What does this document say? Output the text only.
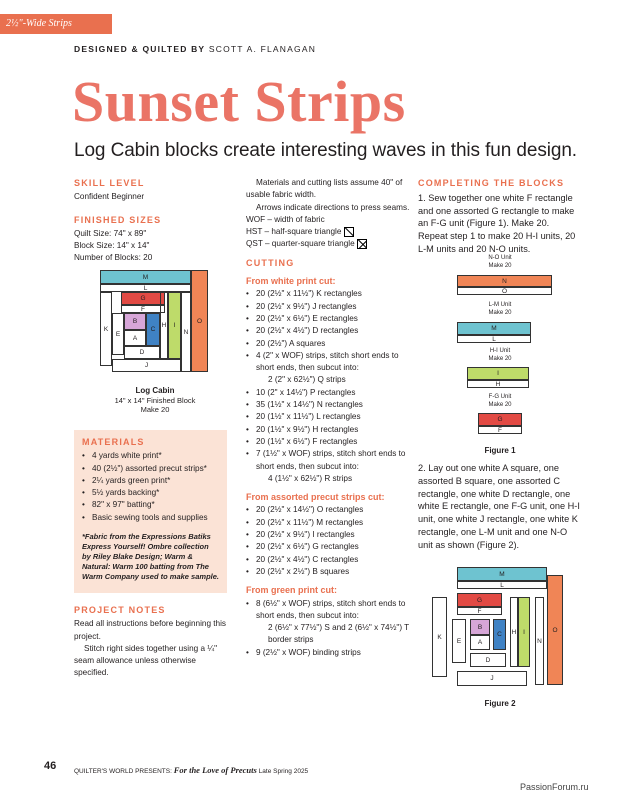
2½"-Wide Strips
DESIGNED & QUILTED BY SCOTT A. FLANAGAN
Sunset Strips
Log Cabin blocks create interesting waves in this fun design.
SKILL LEVEL
Confident Beginner
FINISHED SIZES
Quilt Size: 74" x 89"
Block Size: 14" x 14"
Number of Blocks: 20
M
L
K
G
F
E
B
C
A
D
H	I
J
N
O
Log Cabin
14" x 14" Finished Block
Make 20
MATERIALS
• 4 yards white print*
• 40 (2½") assorted precut strips*
• 2¼ yards green print*
• 5½ yards backing*
• 82" x 97" batting*
• Basic sewing tools and supplies
*Fabric from the Expressions Batiks Express Yourself! Ombre collection by Riley Blake Design; Warm & Natural: Warm 100 batting from The Warm Company used to make sample.
PROJECT NOTES
Read all instructions before beginning this project.
Stitch right sides together using a ¼" seam allowance unless otherwise specified.
Materials and cutting lists assume 40" of usable fabric width.
Arrows indicate directions to press seams.
WOF – width of fabric
HST – half-square triangle
QST – quarter-square triangle
CUTTING
From white print cut:
• 20 (2½" x 11½") K rectangles
• 20 (2½" x 9½") J rectangles
• 20 (2½" x 6½") E rectangles
• 20 (2½" x 4½") D rectangles
• 20 (2½") A squares
• 4 (2" x WOF) strips, stitch short ends to short ends, then subcut into:
2 (2" x 62½") Q strips
• 10 (2" x 14½") P rectangles
• 35 (1½" x 14½") N rectangles
• 20 (1½" x 11½") L rectangles
• 20 (1½" x 9½") H rectangles
• 20 (1½" x 6½") F rectangles
• 7 (1½" x WOF) strips, stitch short ends to short ends, then subcut into:
4 (1½" x 62½") R strips
From assorted precut strips cut:
• 20 (2½" x 14½") O rectangles
• 20 (2½" x 11½") M rectangles
• 20 (2½" x 9½") I rectangles
• 20 (2½" x 6½") G rectangles
• 20 (2½" x 4½") C rectangles
• 20 (2½" x 2½") B squares
From green print cut:
• 8 (6½" x WOF) strips, stitch short ends to short ends, then subcut into:
2 (6½" x 77½") S and 2 (6½" x 74½") T border strips
• 9 (2½" x WOF) binding strips
COMPLETING THE BLOCKS
1. Sew together one white F rectangle and one assorted G rectangle to make an F-G unit (Figure 1). Make 20. Repeat step 1 to make 20 H-I units, 20 L-M units and 20 N-O units.
N-O Unit
Make 20
N
O
L-M Unit
Make 20
M
L
H-I Unit
Make 20
I
H
F-G Unit
Make 20
G
F
Figure 1
2. Lay out one white A square, one assorted B square, one assorted C rectangle, one white D rectangle, one white E rectangle, one F-G unit, one H-I unit, one white J rectangle, one white K rectangle, one L-M unit and one N-O unit as shown (Figure 2).
M
L
G
F
K
E
B
A
C
D
H	I
J
N
O
Figure 2
46	QUILTER'S WORLD PRESENTS: For the Love of Precuts Late Spring 2025
PassionForum.ru
